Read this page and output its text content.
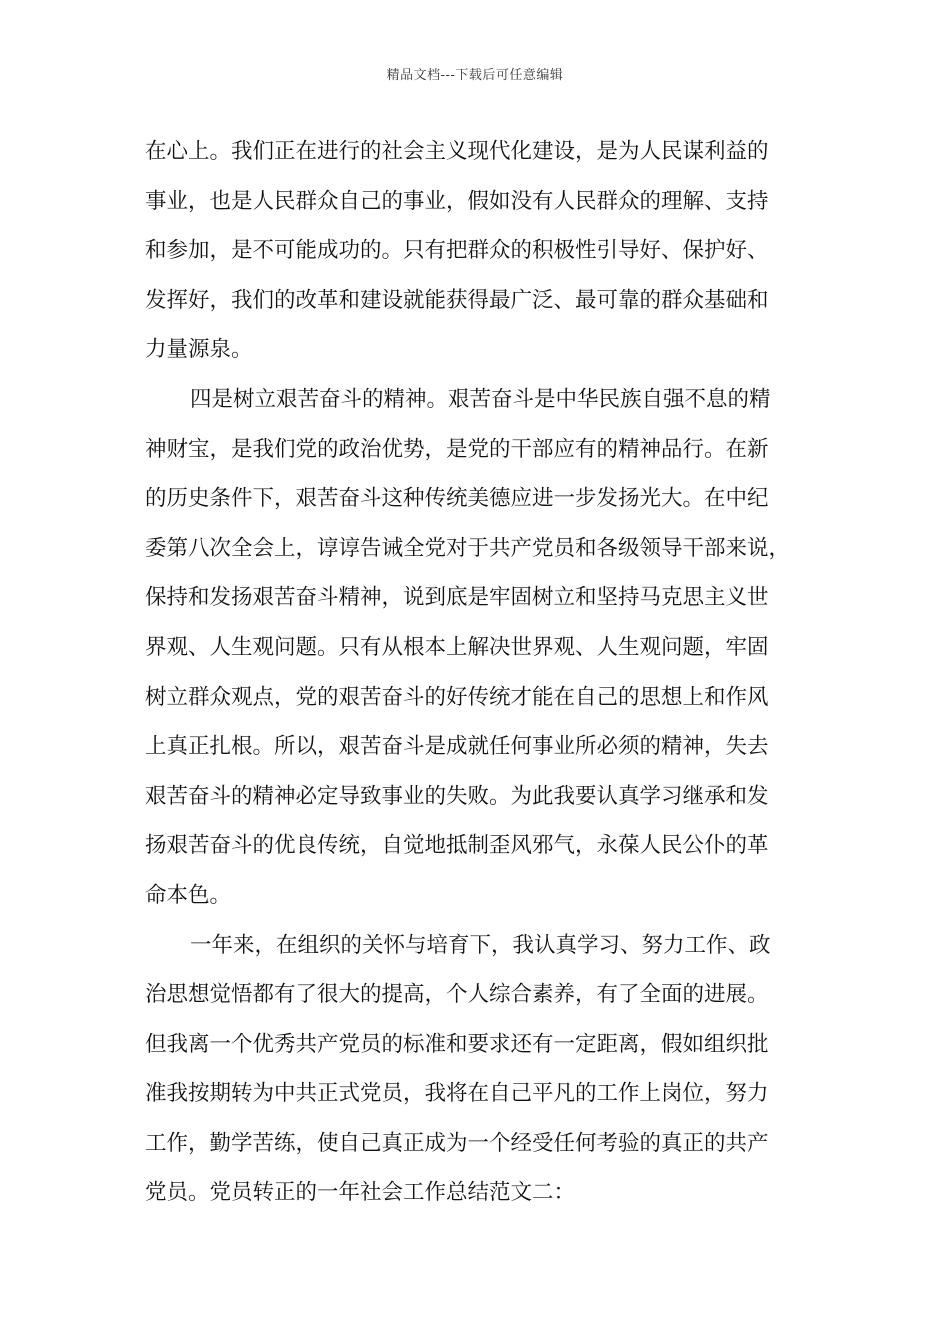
精品文档---下载后可任意编辑
在心上。我们正在进行的社会主义现代化建设，是为人民谋利益的
事业，也是人民群众自己的事业，假如没有人民群众的理解、支持
和参加，是不可能成功的。只有把群众的积极性引导好、保护好、
发挥好，我们的改革和建设就能获得最广泛、最可靠的群众基础和
力量源泉。
四是树立艰苦奋斗的精神。艰苦奋斗是中华民族自强不息的精
神财宝，是我们党的政治优势，是党的干部应有的精神品行。在新
的历史条件下，艰苦奋斗这种传统美德应进一步发扬光大。在中纪
委第八次全会上，谆谆告诫全党对于共产党员和各级领导干部来说，
保持和发扬艰苦奋斗精神，说到底是牢固树立和坚持马克思主义世
界观、人生观问题。只有从根本上解决世界观、人生观问题，牢固
树立群众观点，党的艰苦奋斗的好传统才能在自己的思想上和作风
上真正扎根。所以，艰苦奋斗是成就任何事业所必须的精神，失去
艰苦奋斗的精神必定导致事业的失败。为此我要认真学习继承和发
扬艰苦奋斗的优良传统，自觉地抵制歪风邪气，永葆人民公仆的革
命本色。
一年来，在组织的关怀与培育下，我认真学习、努力工作、政
治思想觉悟都有了很大的提高，个人综合素养，有了全面的进展。
但我离一个优秀共产党员的标准和要求还有一定距离，假如组织批
准我按期转为中共正式党员，我将在自己平凡的工作上岗位，努力
工作，勤学苦练，使自己真正成为一个经受任何考验的真正的共产
党员。党员转正的一年社会工作总结范文二：
